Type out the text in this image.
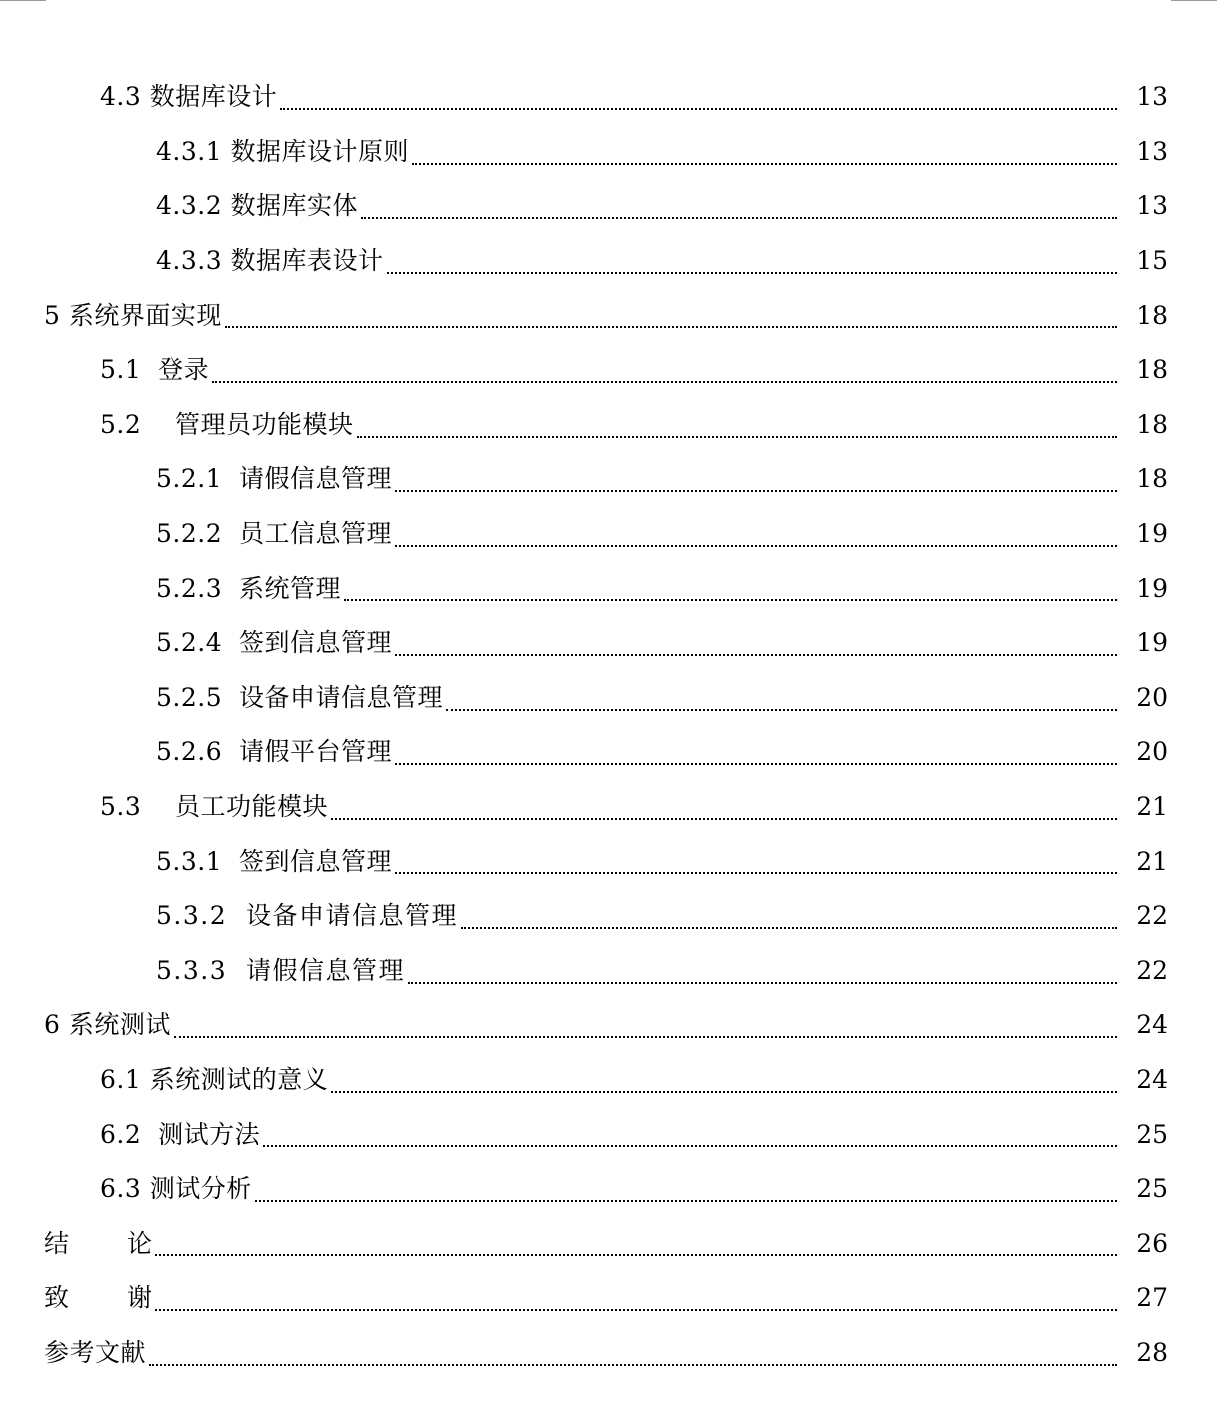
4.3 数据库设计	13
4.3.1 数据库设计原则	13
4.3.2 数据库实体	13
4.3.3 数据库表设计	15
5 系统界面实现	18
5.1  登录	18
5.2    管理员功能模块	18
5.2.1  请假信息管理	18
5.2.2  员工信息管理	19
5.2.3  系统管理	19
5.2.4  签到信息管理	19
5.2.5  设备申请信息管理	20
5.2.6  请假平台管理	20
5.3    员工功能模块	21
5.3.1  签到信息管理	21
5.3.2  设备申请信息管理	22
5.3.3  请假信息管理	22
6 系统测试	24
6.1 系统测试的意义	24
6.2  测试方法	25
6.3 测试分析	25
结 论	26
致 谢	27
参考文献	28
